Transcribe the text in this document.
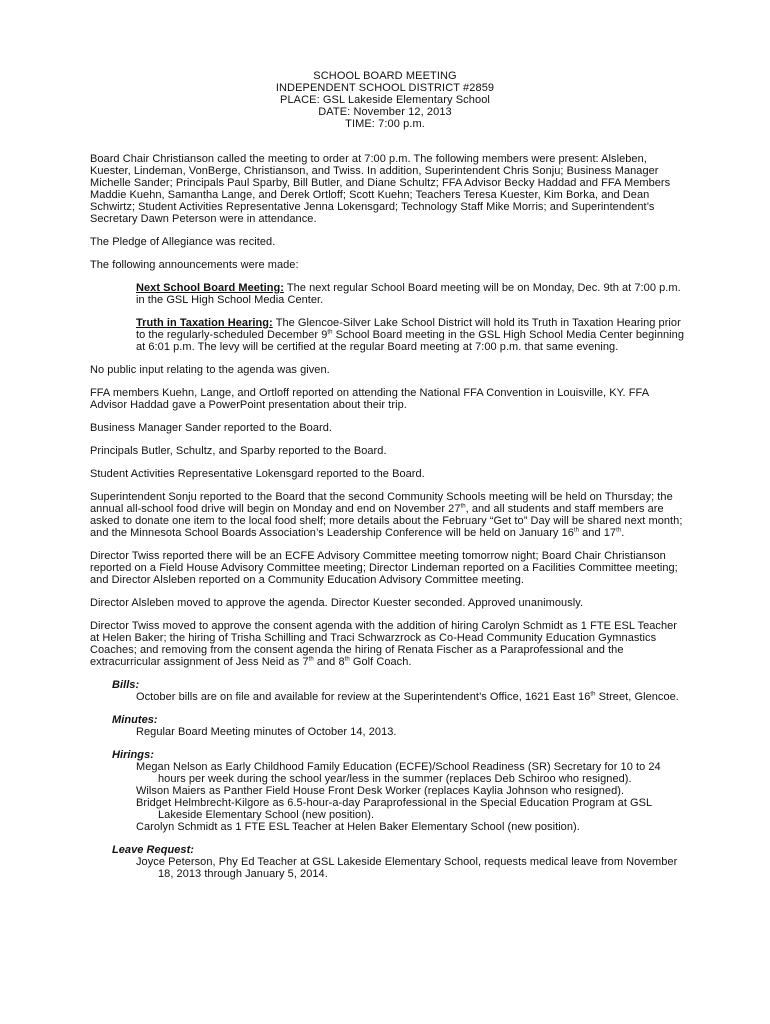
SCHOOL BOARD MEETING
INDEPENDENT SCHOOL DISTRICT #2859
PLACE: GSL Lakeside Elementary School
DATE: November 12, 2013
TIME: 7:00 p.m.

Board Chair Christianson called the meeting to order at 7:00 p.m. The following members were present: Alsleben, Kuester, Lindeman, VonBerge, Christianson, and Twiss. In addition, Superintendent Chris Sonju; Business Manager Michelle Sander; Principals Paul Sparby, Bill Butler, and Diane Schultz; FFA Advisor Becky Haddad and FFA Members Maddie Kuehn, Samantha Lange, and Derek Ortloff; Scott Kuehn; Teachers Teresa Kuester, Kim Borka, and Dean Schwirtz; Student Activities Representative Jenna Lokensgard; Technology Staff Mike Morris; and Superintendent’s Secretary Dawn Peterson were in attendance.

The Pledge of Allegiance was recited.

The following announcements were made:

Next School Board Meeting: The next regular School Board meeting will be on Monday, Dec. 9th at 7:00 p.m. in the GSL High School Media Center.

Truth in Taxation Hearing: The Glencoe-Silver Lake School District will hold its Truth in Taxation Hearing prior to the regularly-scheduled December 9th School Board meeting in the GSL High School Media Center beginning at 6:01 p.m. The levy will be certified at the regular Board meeting at 7:00 p.m. that same evening.

No public input relating to the agenda was given.

FFA members Kuehn, Lange, and Ortloff reported on attending the National FFA Convention in Louisville, KY. FFA Advisor Haddad gave a PowerPoint presentation about their trip.

Business Manager Sander reported to the Board.

Principals Butler, Schultz, and Sparby reported to the Board.

Student Activities Representative Lokensgard reported to the Board.

Superintendent Sonju reported to the Board that the second Community Schools meeting will be held on Thursday; the annual all-school food drive will begin on Monday and end on November 27th, and all students and staff members are asked to donate one item to the local food shelf; more details about the February “Get to” Day will be shared next month; and the Minnesota School Boards Association’s Leadership Conference will be held on January 16th and 17th.

Director Twiss reported there will be an ECFE Advisory Committee meeting tomorrow night; Board Chair Christianson reported on a Field House Advisory Committee meeting; Director Lindeman reported on a Facilities Committee meeting; and Director Alsleben reported on a Community Education Advisory Committee meeting.

Director Alsleben moved to approve the agenda. Director Kuester seconded. Approved unanimously.

Director Twiss moved to approve the consent agenda with the addition of hiring Carolyn Schmidt as 1 FTE ESL Teacher at Helen Baker; the hiring of Trisha Schilling and Traci Schwarzrock as Co-Head Community Education Gymnastics Coaches; and removing from the consent agenda the hiring of Renata Fischer as a Paraprofessional and the extracurricular assignment of Jess Neid as 7th and 8th Golf Coach.

Bills:
October bills are on file and available for review at the Superintendent’s Office, 1621 East 16th Street, Glencoe.
Minutes:
Regular Board Meeting minutes of October 14, 2013.
Hirings:
Megan Nelson as Early Childhood Family Education (ECFE)/School Readiness (SR) Secretary for 10 to 24 hours per week during the school year/less in the summer (replaces Deb Schiroo who resigned).
Wilson Maiers as Panther Field House Front Desk Worker (replaces Kaylia Johnson who resigned).
Bridget Helmbrecht-Kilgore as 6.5-hour-a-day Paraprofessional in the Special Education Program at GSL Lakeside Elementary School (new position).
Carolyn Schmidt as 1 FTE ESL Teacher at Helen Baker Elementary School (new position).
Leave Request:
Joyce Peterson, Phy Ed Teacher at GSL Lakeside Elementary School, requests medical leave from November 18, 2013 through January 5, 2014.
